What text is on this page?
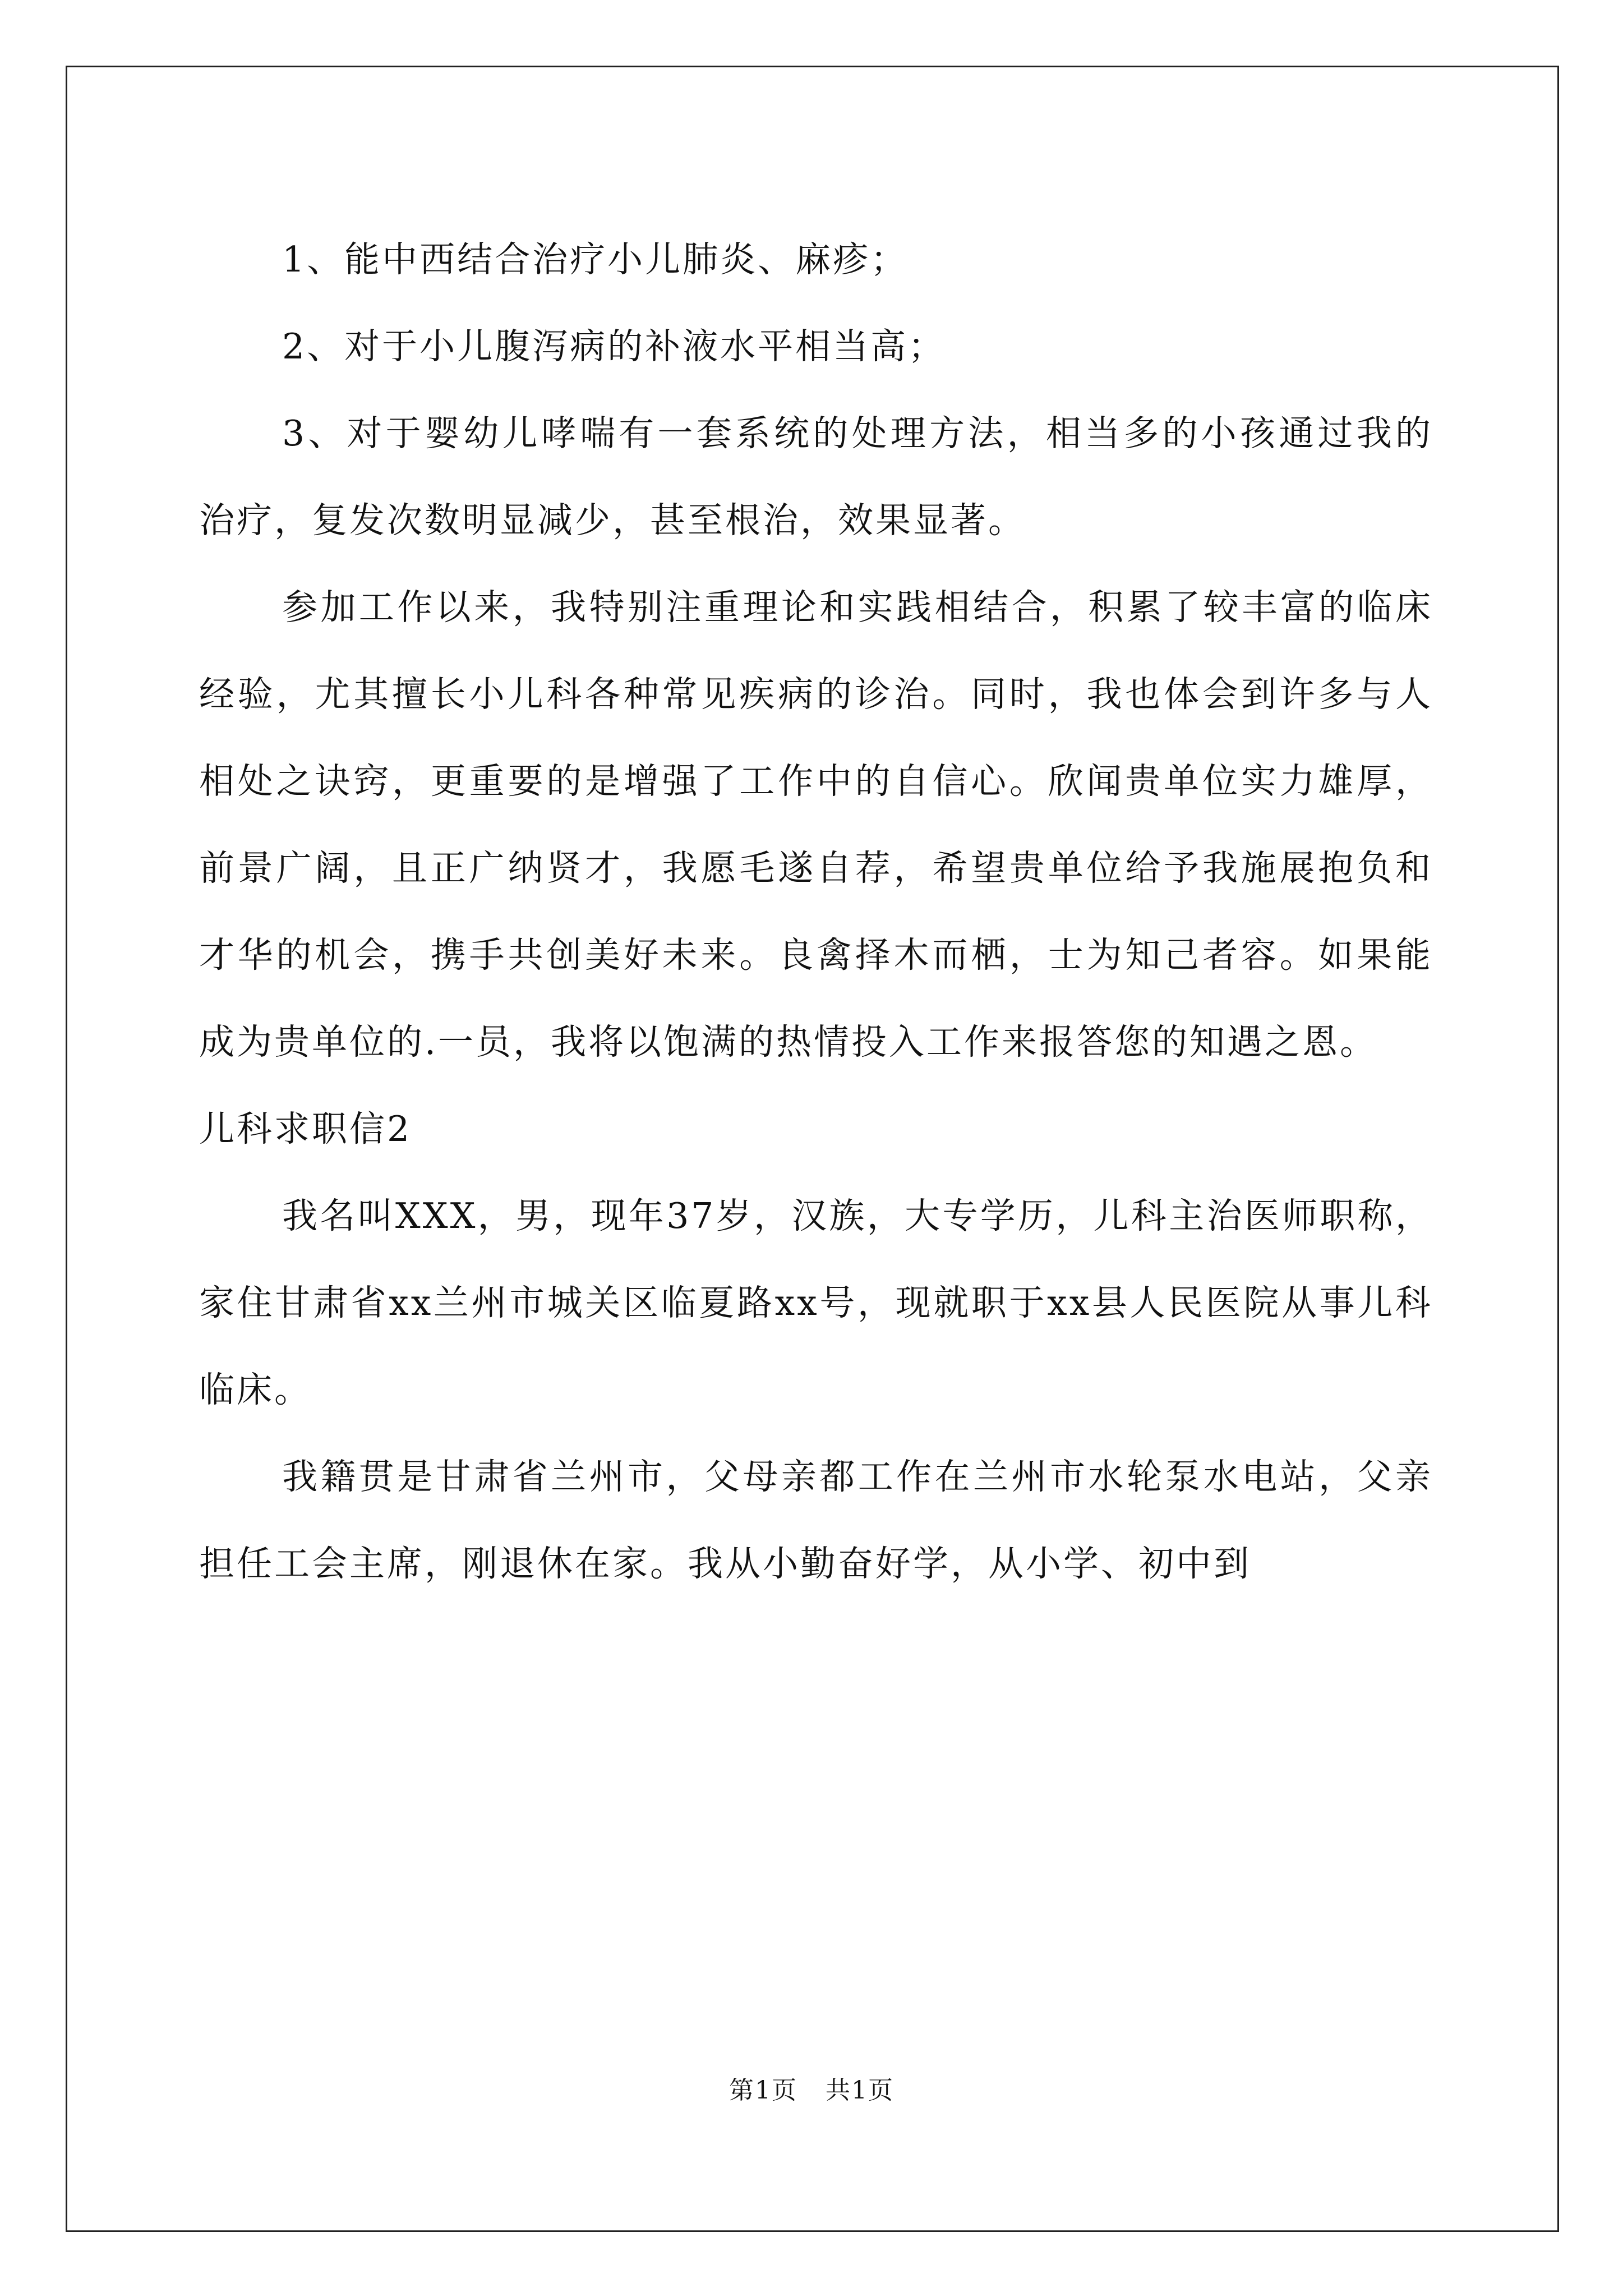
1、能中西结合治疗小儿肺炎、麻疹；

2、对于小儿腹泻病的补液水平相当高；

3、对于婴幼儿哮喘有一套系统的处理方法，相当多的小孩通过我的治疗，复发次数明显减少，甚至根治，效果显著。

参加工作以来，我特别注重理论和实践相结合，积累了较丰富的临床经验，尤其擅长小儿科各种常见疾病的诊治。同时，我也体会到许多与人相处之诀窍，更重要的是增强了工作中的自信心。欣闻贵单位实力雄厚，前景广阔，且正广纳贤才，我愿毛遂自荐，希望贵单位给予我施展抱负和才华的机会，携手共创美好未来。良禽择木而栖，士为知己者容。如果能成为贵单位的.一员，我将以饱满的热情投入工作来报答您的知遇之恩。

儿科求职信2

我名叫XXX，男，现年37岁，汉族，大专学历，儿科主治医师职称，家住甘肃省xx兰州市城关区临夏路xx号，现就职于xx县人民医院从事儿科临床。

我籍贯是甘肃省兰州市，父母亲都工作在兰州市水轮泵水电站，父亲担任工会主席，刚退休在家。我从小勤奋好学，从小学、初中到

第1页 共1页
